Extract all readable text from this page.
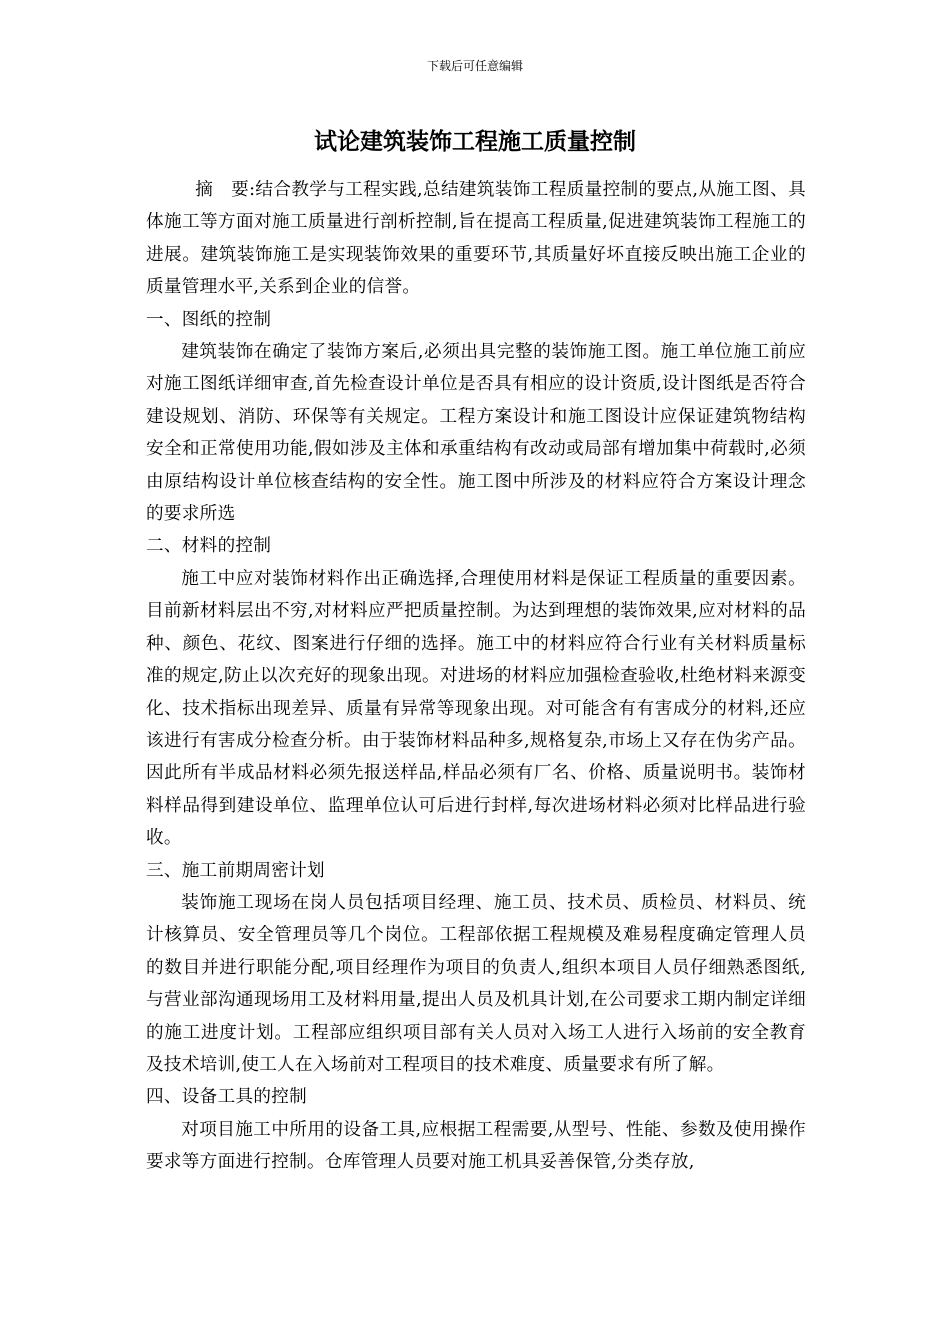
下载后可任意编辑
试论建筑装饰工程施工质量控制

摘　要:结合教学与工程实践,总结建筑装饰工程质量控制的要点,从施工图、具体施工等方面对施工质量进行剖析控制,旨在提高工程质量,促进建筑装饰工程施工的进展。建筑装饰施工是实现装饰效果的重要环节,其质量好坏直接反映出施工企业的质量管理水平,关系到企业的信誉。

一、图纸的控制

建筑装饰在确定了装饰方案后,必须出具完整的装饰施工图。施工单位施工前应对施工图纸详细审查,首先检查设计单位是否具有相应的设计资质,设计图纸是否符合建设规划、消防、环保等有关规定。工程方案设计和施工图设计应保证建筑物结构安全和正常使用功能,假如涉及主体和承重结构有改动或局部有增加集中荷载时,必须由原结构设计单位核查结构的安全性。施工图中所涉及的材料应符合方案设计理念的要求所选

二、材料的控制

施工中应对装饰材料作出正确选择,合理使用材料是保证工程质量的重要因素。目前新材料层出不穷,对材料应严把质量控制。为达到理想的装饰效果,应对材料的品种、颜色、花纹、图案进行仔细的选择。施工中的材料应符合行业有关材料质量标准的规定,防止以次充好的现象出现。对进场的材料应加强检查验收,杜绝材料来源变化、技术指标出现差异、质量有异常等现象出现。对可能含有有害成分的材料,还应该进行有害成分检查分析。由于装饰材料品种多,规格复杂,市场上又存在伪劣产品。因此所有半成品材料必须先报送样品,样品必须有厂名、价格、质量说明书。装饰材料样品得到建设单位、监理单位认可后进行封样,每次进场材料必须对比样品进行验收。

三、施工前期周密计划

装饰施工现场在岗人员包括项目经理、施工员、技术员、质检员、材料员、统计核算员、安全管理员等几个岗位。工程部依据工程规模及难易程度确定管理人员的数目并进行职能分配,项目经理作为项目的负责人,组织本项目人员仔细熟悉图纸,与营业部沟通现场用工及材料用量,提出人员及机具计划,在公司要求工期内制定详细的施工进度计划。工程部应组织项目部有关人员对入场工人进行入场前的安全教育及技术培训,使工人在入场前对工程项目的技术难度、质量要求有所了解。

四、设备工具的控制

对项目施工中所用的设备工具,应根据工程需要,从型号、性能、参数及使用操作要求等方面进行控制。仓库管理人员要对施工机具妥善保管,分类存放,
